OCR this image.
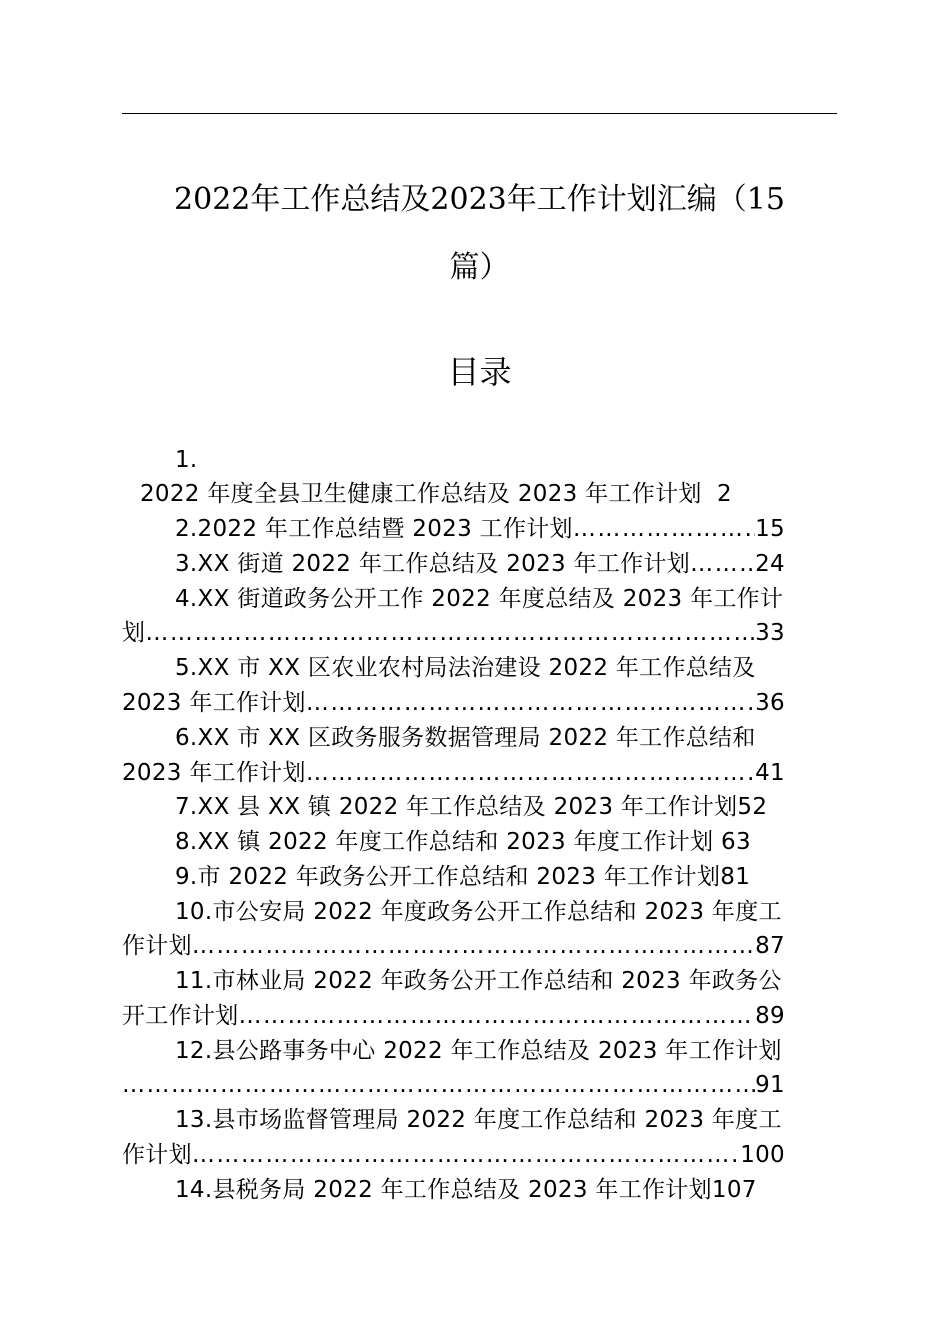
2022年工作总结及2023年工作计划汇编（15
篇）
目录
1.
2022 年度全县卫生健康工作总结及 2023 年工作计划 2
2.2022 年工作总结暨 2023 工作计划 ……………………………………………………………………………………………………………………………………………………………………………	15
3.XX 街道 2022 年工作总结及 2023 年工作计划 ……………………………………………………………………………………………………………………………………………………………………………	24
4.XX 街道政务公开工作 2022 年度总结及 2023 年工作计
划 ……………………………………………………………………………………………………………………………………………………………………………	33
5.XX 市 XX 区农业农村局法治建设 2022 年工作总结及
2023 年工作计划 ……………………………………………………………………………………………………………………………………………………………………………	36
6.XX 市 XX 区政务服务数据管理局 2022 年工作总结和
2023 年工作计划 ……………………………………………………………………………………………………………………………………………………………………………	41
7.XX 县 XX 镇 2022 年工作总结及 2023 年工作计划52
8.XX 镇 2022 年度工作总结和 2023 年度工作计划 63
9.市 2022 年政务公开工作总结和 2023 年工作计划81
10.市公安局 2022 年度政务公开工作总结和 2023 年度工
作计划 ……………………………………………………………………………………………………………………………………………………………………………	87
11.市林业局 2022 年政务公开工作总结和 2023 年政务公
开工作计划 ……………………………………………………………………………………………………………………………………………………………………………	89
12.县公路事务中心 2022 年工作总结及 2023 年工作计划
……………………………………………………………………………………………………………………………………………………………………………
91
13.县市场监督管理局 2022 年度工作总结和 2023 年度工
作计划 ……………………………………………………………………………………………………………………………………………………………………………	100
14.县税务局 2022 年工作总结及 2023 年工作计划107
